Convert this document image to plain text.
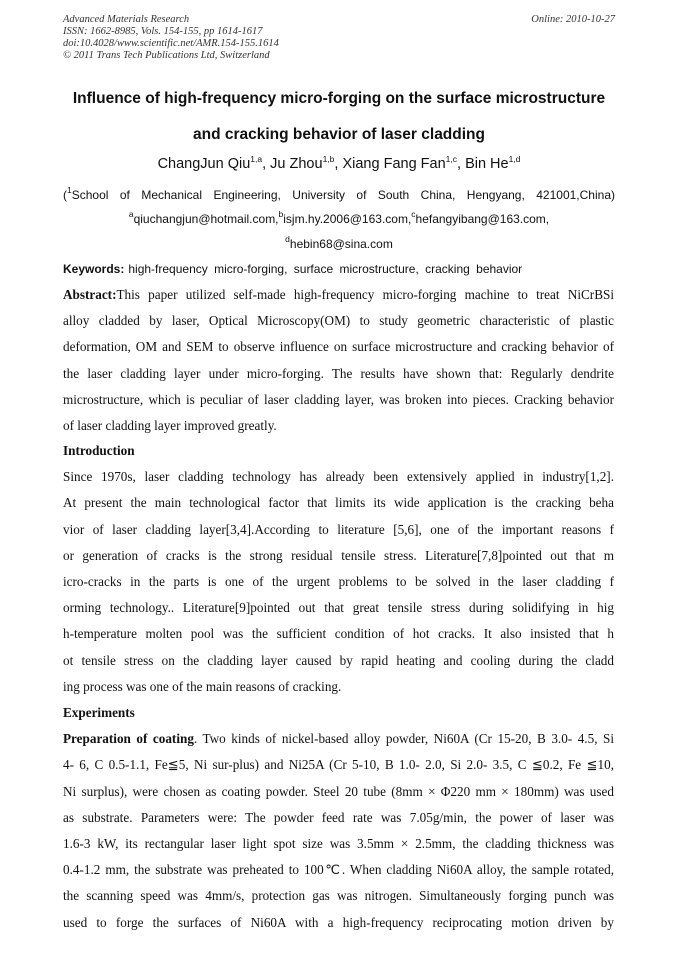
Advanced Materials Research
ISSN: 1662-8985, Vols. 154-155, pp 1614-1617
doi:10.4028/www.scientific.net/AMR.154-155.1614
© 2011 Trans Tech Publications Ltd, Switzerland
Online: 2010-10-27
Influence of high-frequency micro-forging on the surface microstructure
and cracking behavior of laser cladding
ChangJun Qiu$^{1,a}$, Ju Zhou$^{1,b}$, Xiang Fang Fan$^{1,c}$, Bin He$^{1,d}$
($^1$School of Mechanical Engineering, University of South China, Hengyang, 421001,China)
$^a$qiuchangjun@hotmail.com,$^b$isjm.hy.2006@163.com,$^c$hefangyibang@163.com,
$^d$hebin68@sina.com
Keywords: high-frequency micro-forging, surface microstructure, cracking behavior
Abstract:This paper utilized self-made high-frequency micro-forging machine to treat NiCrBSi
alloy cladded by laser, Optical Microscopy(OM) to study geometric characteristic of plastic
deformation, OM and SEM to observe influence on surface microstructure and cracking behavior of
the laser cladding layer under micro-forging. The results have shown that: Regularly dendrite
microstructure, which is peculiar of laser cladding layer, was broken into pieces. Cracking behavior
of laser cladding layer improved greatly.
Introduction
Since 1970s, laser cladding technology has already been extensively applied in industry[1,2].
At present the main technological factor that limits its wide application is the cracking beha
vior of laser cladding layer[3,4].According to literature [5,6], one of the important reasons f
or generation of cracks is the strong residual tensile stress. Literature[7,8]pointed out that m
icro-cracks in the parts is one of the urgent problems to be solved in the laser cladding f
orming technology.. Literature[9]pointed out that great tensile stress during solidifying in hig
h-temperature molten pool was the sufficient condition of hot cracks. It also insisted that h
ot tensile stress on the cladding layer caused by rapid heating and cooling during the cladd
ing process was one of the main reasons of cracking.
Experiments
Preparation of coating. Two kinds of nickel-based alloy powder, Ni60A (Cr 15-20, B 3.0- 4.5, Si
4- 6, C 0.5-1.1, Fe≦5, Ni sur-plus) and Ni25A (Cr 5-10, B 1.0- 2.0, Si 2.0- 3.5, C ≦0.2, Fe ≦10,
Ni surplus), were chosen as coating powder. Steel 20 tube (8mm × Φ220 mm × 180mm) was used
as substrate. Parameters were: The powder feed rate was 7.05g/min, the power of laser was
1.6-3 kW, its rectangular laser light spot size was 3.5mm × 2.5mm, the cladding thickness was
0.4-1.2 mm, the substrate was preheated to 100℃. When cladding Ni60A alloy, the sample rotated,
the scanning speed was 4mm/s, protection gas was nitrogen. Simultaneously forging punch was
used to forge the surfaces of Ni60A with a high-frequency reciprocating motion driven by
